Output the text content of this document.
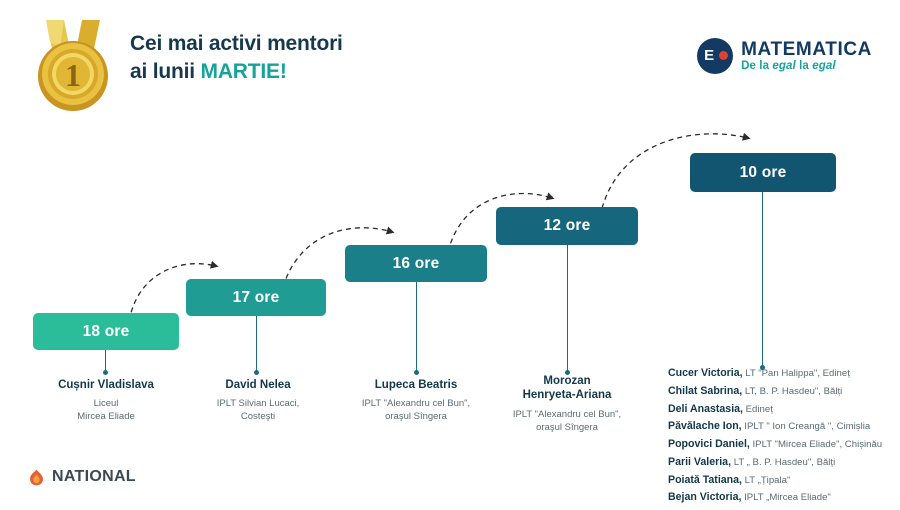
1
Cei mai activi mentori
ai lunii MARTIE!
E	MATEMATICA
De la egal la egal
18 ore
Cușnir Vladislava
Liceul
Mircea Eliade
17 ore
David Nelea
IPLT Silvian Lucaci,
Costeşti
16 ore
Lupeca Beatris
IPLT "Alexandru cel Bun",
oraşul Sîngera
12 ore
Morozan
Henryeta-Ariana
IPLT "Alexandru cel Bun",
oraşul Sîngera
10 ore
Cucer Victoria, LT "Pan Halippa", Edineț
Chilat Sabrina, LT, B. P. Hasdeu", Bălți
Deli Anastasia, Edineț
Păvălache Ion, IPLT " Ion Creangă ", Cimișlia
Popovici Daniel, IPLT "Mircea Eliade", Chișinău
Parii Valeria, LT „ B. P. Hasdeu", Bălți
Poiată Tatiana, LT „Țipala"
Bejan Victoria, IPLT „Mircea Eliade"
NATIONAL
